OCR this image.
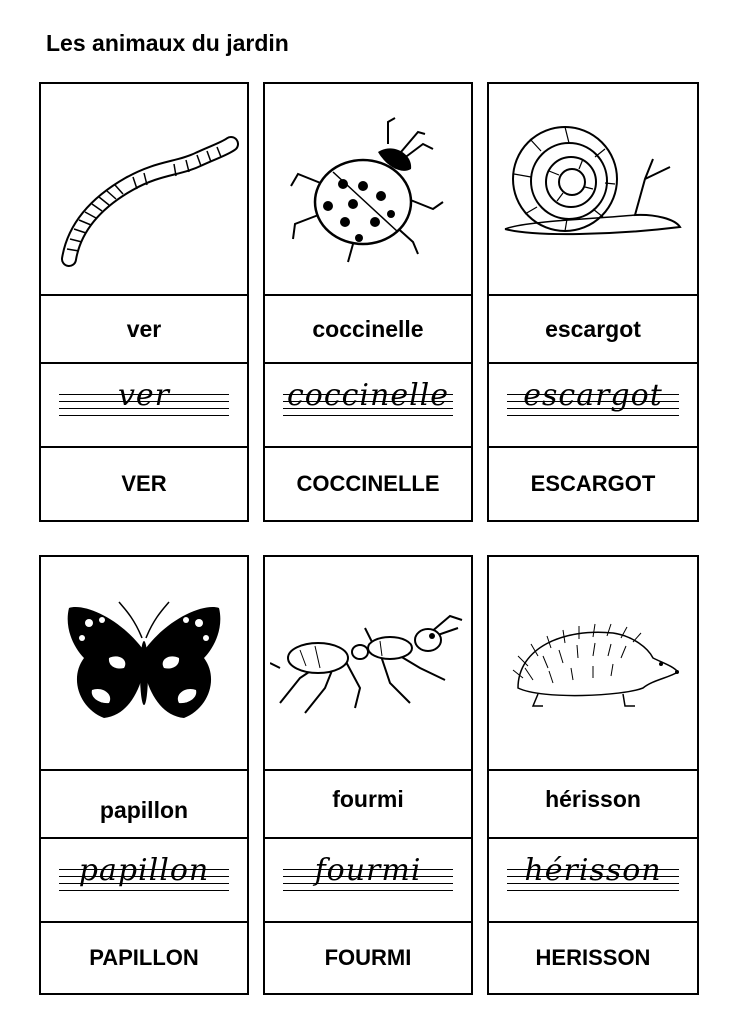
Les animaux du jardin
ver
ver
VER
coccinelle
coccinelle
COCCINELLE
escargot
escargot
ESCARGOT
papillon
papillon
PAPILLON
fourmi
fourmi
FOURMI
hérisson
hérisson
HERISSON
